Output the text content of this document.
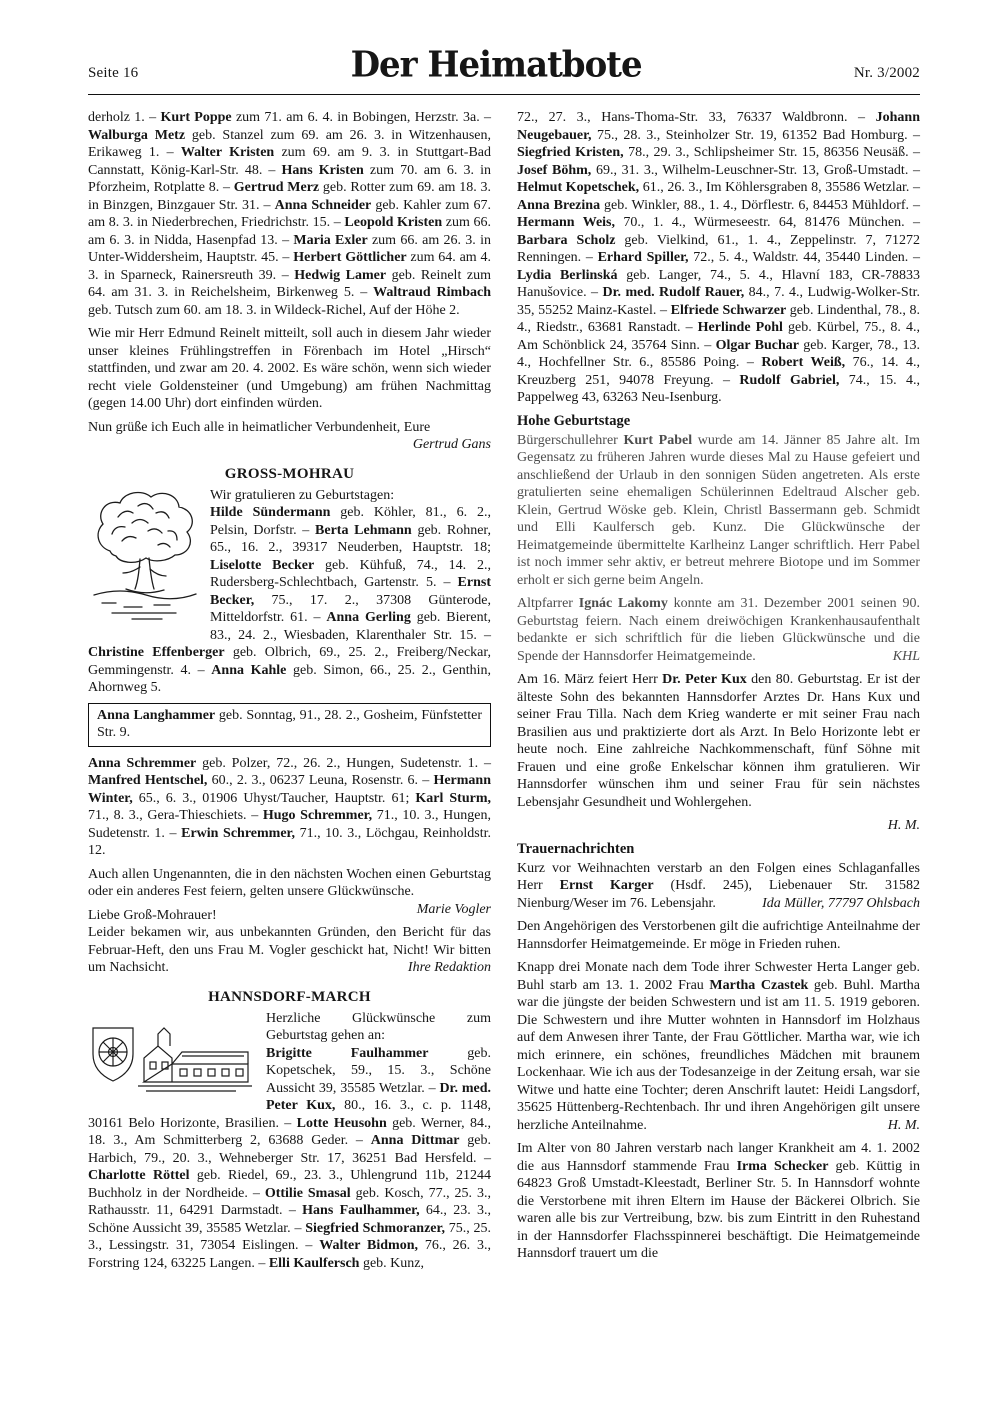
Seite 16	Der Heimatbote	Nr. 3/2002

derholz 1. – Kurt Poppe zum 71. am 6. 4. in Bobingen, Herzstr. 3a. – Walburga Metz geb. Stanzel zum 69. am 26. 3. in Witzenhausen, Erikaweg 1. – Walter Kristen zum 69. am 9. 3. in Stuttgart-Bad Cannstatt, König-Karl-Str. 48. – Hans Kristen zum 70. am 6. 3. in Pforzheim, Rotplatte 8. – Gertrud Merz geb. Rotter zum 69. am 18. 3. in Binzgen, Binzgauer Str. 31. – Anna Schneider geb. Kahler zum 67. am 8. 3. in Niederbrechen, Friedrichstr. 15. – Leopold Kristen zum 66. am 6. 3. in Nidda, Hasenpfad 13. – Maria Exler zum 66. am 26. 3. in Unter-Widdersheim, Hauptstr. 45. – Herbert Göttlicher zum 64. am 4. 3. in Sparneck, Rainersreuth 39. – Hedwig Lamer geb. Reinelt zum 64. am 31. 3. in Reichelsheim, Birkenweg 5. – Waltraud Rimbach geb. Tutsch zum 60. am 18. 3. in Wildeck-Richel, Auf der Höhe 2.

Wie mir Herr Edmund Reinelt mitteilt, soll auch in diesem Jahr wieder unser kleines Frühlingstreffen in Förenbach im Hotel „Hirsch“ stattfinden, und zwar am 20. 4. 2002. Es wäre schön, wenn sich wieder recht viele Goldensteiner (und Umgebung) am frühen Nachmittag (gegen 14.00 Uhr) dort einfinden würden.

Nun grüße ich Euch alle in heimatlicher Verbundenheit, Eure

Gertrud Gans

GROSS-MOHRAU

Wir gratulieren zu Geburtstagen:

Hilde Sündermann geb. Köhler, 81., 6. 2., Pelsin, Dorfstr. – Berta Lehmann geb. Rohner, 65., 16. 2., 39317 Neuderben, Hauptstr. 18; Liselotte Becker geb. Kühfuß, 74., 14. 2., Rudersberg-Schlechtbach, Gartenstr. 5. – Ernst Becker, 75., 17. 2., 37308 Günterode, Mitteldorfstr. 61. – Anna Gerling geb. Bierent, 83., 24. 2., Wiesbaden, Klarenthaler Str. 15. – Christine Effenberger geb. Olbrich, 69., 25. 2., Freiberg/Neckar, Gemmingenstr. 4. – Anna Kahle geb. Simon, 66., 25. 2., Genthin, Ahornweg 5.

Anna Langhammer geb. Sonntag, 91., 28. 2., Gosheim, Fünfstetter Str. 9.

Anna Schremmer geb. Polzer, 72., 26. 2., Hungen, Sudetenstr. 1. – Manfred Hentschel, 60., 2. 3., 06237 Leuna, Rosenstr. 6. – Hermann Winter, 65., 6. 3., 01906 Uhyst/Taucher, Hauptstr. 61; Karl Sturm, 71., 8. 3., Gera-Thieschiets. – Hugo Schremmer, 71., 10. 3., Hungen, Sudetenstr. 1. – Erwin Schremmer, 71., 10. 3., Löchgau, Reinholdstr. 12.

Auch allen Ungenannten, die in den nächsten Wochen einen Geburtstag oder ein anderes Fest feiern, gelten unsere Glückwünsche.
Marie Vogler

Liebe Groß-Mohrauer!

Leider bekamen wir, aus unbekannten Gründen, den Bericht für das Februar-Heft, den uns Frau M. Vogler geschickt hat, Nicht! Wir bitten um Nachsicht.	Ihre Redaktion

HANNSDORF-MARCH

Herzliche Glückwünsche zum Geburtstag gehen an:

Brigitte Faulhammer geb. Kopetschek, 59., 15. 3., Schöne Aussicht 39, 35585 Wetzlar. – Dr. med. Peter Kux, 80., 16. 3., c. p. 1148, 30161 Belo Horizonte, Brasilien. – Lotte Heusohn geb. Werner, 84., 18. 3., Am Schmitterberg 2, 63688 Geder. – Anna Dittmar geb. Harbich, 79., 20. 3., Wehneberger Str. 17, 36251 Bad Hersfeld. – Charlotte Röttel geb. Riedel, 69., 23. 3., Uhlengrund 11b, 21244 Buchholz in der Nordheide. – Ottilie Smasal geb. Kosch, 77., 25. 3., Rathausstr. 11, 64291 Darmstadt. – Hans Faulhammer, 64., 23. 3., Schöne Aussicht 39, 35585 Wetzlar. – Siegfried Schmoranzer, 75., 25. 3., Lessingstr. 31, 73054 Eislingen. – Walter Bidmon, 76., 26. 3., Forstring 124, 63225 Langen. – Elli Kaulfersch geb. Kunz,

72., 27. 3., Hans-Thoma-Str. 33, 76337 Waldbronn. – Johann Neugebauer, 75., 28. 3., Steinholzer Str. 19, 61352 Bad Homburg. – Siegfried Kristen, 78., 29. 3., Schlipsheimer Str. 15, 86356 Neusäß. – Josef Böhm, 69., 31. 3., Wilhelm-Leuschner-Str. 13, Groß-Umstadt. – Helmut Kopetschek, 61., 26. 3., Im Köhlersgraben 8, 35586 Wetzlar. – Anna Brezina geb. Winkler, 88., 1. 4., Dörflestr. 6, 84453 Mühldorf. – Hermann Weis, 70., 1. 4., Würmeseestr. 64, 81476 München. – Barbara Scholz geb. Vielkind, 61., 1. 4., Zeppelinstr. 7, 71272 Renningen. – Erhard Spiller, 72., 5. 4., Waldstr. 44, 35440 Linden. – Lydia Berlinská geb. Langer, 74., 5. 4., Hlavní 183, CR-78833 Hanušovice. – Dr. med. Rudolf Rauer, 84., 7. 4., Ludwig-Wolker-Str. 35, 55252 Mainz-Kastel. – Elfriede Schwarzer geb. Lindenthal, 78., 8. 4., Riedstr., 63681 Ranstadt. – Herlinde Pohl geb. Kürbel, 75., 8. 4., Am Schönblick 24, 35764 Sinn. – Olgar Buchar geb. Karger, 78., 13. 4., Hochfellner Str. 6., 85586 Poing. – Robert Weiß, 76., 14. 4., Kreuzberg 251, 94078 Freyung. – Rudolf Gabriel, 74., 15. 4., Pappelweg 43, 63263 Neu-Isenburg.

Hohe Geburtstage

Bürgerschullehrer Kurt Pabel wurde am 14. Jänner 85 Jahre alt. Im Gegensatz zu früheren Jahren wurde dieses Mal zu Hause gefeiert und anschließend der Urlaub in den sonnigen Süden angetreten. Als erste gratulierten seine ehemaligen Schülerinnen Edeltraud Alscher geb. Klein, Gertrud Wöske geb. Klein, Christl Bassermann geb. Schmidt und Elli Kaulfersch geb. Kunz. Die Glückwünsche der Heimatgemeinde übermittelte Karlheinz Langer schriftlich. Herr Pabel ist noch immer sehr aktiv, er betreut mehrere Biotope und im Sommer erholt er sich gerne beim Angeln.

Altpfarrer Ignác Lakomy konnte am 31. Dezember 2001 seinen 90. Geburtstag feiern. Nach einem dreiwöchigen Krankenhausaufenthalt bedankte er sich schriftlich für die lieben Glückwünsche und die Spende der Hannsdorfer Heimatgemeinde.	KHL

Am 16. März feiert Herr Dr. Peter Kux den 80. Geburtstag. Er ist der älteste Sohn des bekannten Hannsdorfer Arztes Dr. Hans Kux und seiner Frau Tilla. Nach dem Krieg wanderte er mit seiner Frau nach Brasilien aus und praktizierte dort als Arzt. In Belo Horizonte lebt er heute noch. Eine zahlreiche Nachkommenschaft, fünf Söhne mit Frauen und eine große Enkelschar können ihm gratulieren. Wir Hannsdorfer wünschen ihm und seiner Frau für sein nächstes Lebensjahr Gesundheit und Wohlergehen.

H. M.

Trauernachrichten

Kurz vor Weihnachten verstarb an den Folgen eines Schlaganfalles Herr Ernst Karger (Hsdf. 245), Liebenauer Str. 31582 Nienburg/Weser im 76. Lebensjahr.	Ida Müller, 77797 Ohlsbach

Den Angehörigen des Verstorbenen gilt die aufrichtige Anteilnahme der Hannsdorfer Heimatgemeinde. Er möge in Frieden ruhen.

Knapp drei Monate nach dem Tode ihrer Schwester Herta Langer geb. Buhl starb am 13. 1. 2002 Frau Martha Czastek geb. Buhl. Martha war die jüngste der beiden Schwestern und ist am 11. 5. 1919 geboren. Die Schwestern und ihre Mutter wohnten in Hannsdorf im Holzhaus auf dem Anwesen ihrer Tante, der Frau Göttlicher. Martha war, wie ich mich erinnere, ein schönes, freundliches Mädchen mit braunem Lockenhaar. Wie ich aus der Todesanzeige in der Zeitung ersah, war sie Witwe und hatte eine Tochter; deren Anschrift lautet: Heidi Langsdorf, 35625 Hüttenberg-Rechtenbach. Ihr und ihren Angehörigen gilt unsere herzliche Anteilnahme.	H. M.

Im Alter von 80 Jahren verstarb nach langer Krankheit am 4. 1. 2002 die aus Hannsdorf stammende Frau Irma Schecker geb. Küttig in 64823 Groß Umstadt-Kleestadt, Berliner Str. 5. In Hannsdorf wohnte die Verstorbene mit ihren Eltern im Hause der Bäckerei Olbrich. Sie waren alle bis zur Vertreibung, bzw. bis zum Eintritt in den Ruhestand in der Hannsdorfer Flachsspinnerei beschäftigt. Die Heimatgemeinde Hannsdorf trauert um die
